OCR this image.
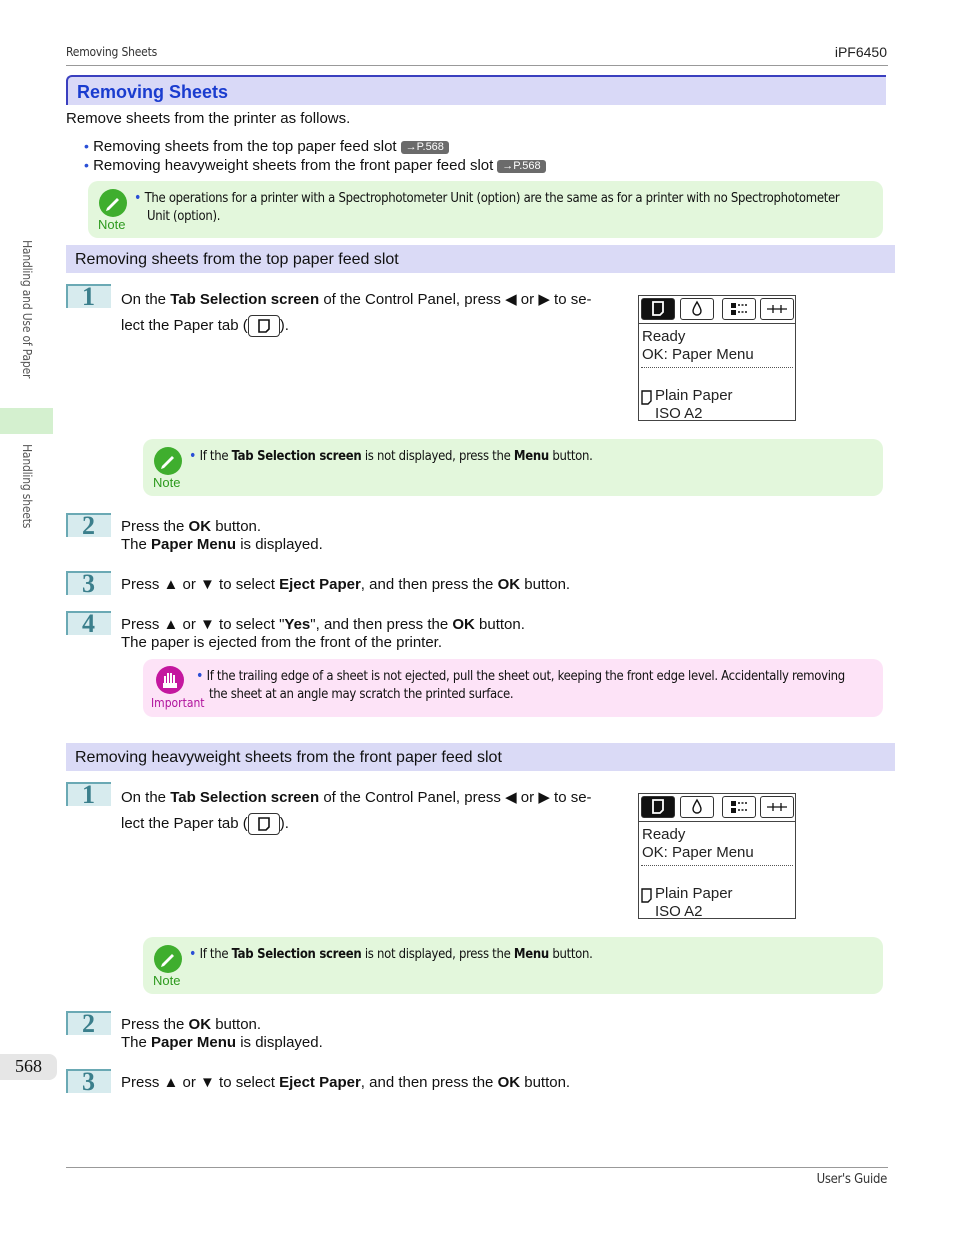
Removing Sheets	iPF6450
Handling and Use of Paper
Handling sheets
568
Removing Sheets
Remove sheets from the printer as follows.
• Removing sheets from the top paper feed slot →P.568
• Removing heavyweight sheets from the front paper feed slot →P.568
Note
• The operations for a printer with a Spectrophotometer Unit (option) are the same as for a printer with no Spectrophotometer
Unit (option).
Removing sheets from the top paper feed slot
1 On the Tab Selection screen of the Control Panel, press ◀ or ▶ to se-
lect the Paper tab ( ).
Ready
OK: Paper Menu
Plain Paper
ISO A2
Note
• If the Tab Selection screen is not displayed, press the Menu button.
2 Press the OK button.
The Paper Menu is displayed.
3 Press ▲ or ▼ to select Eject Paper, and then press the OK button.
4 Press ▲ or ▼ to select "Yes", and then press the OK button.
The paper is ejected from the front of the printer.
Important
• If the trailing edge of a sheet is not ejected, pull the sheet out, keeping the front edge level. Accidentally removing
the sheet at an angle may scratch the printed surface.
Removing heavyweight sheets from the front paper feed slot
1 On the Tab Selection screen of the Control Panel, press ◀ or ▶ to se-
lect the Paper tab ( ).
Ready
OK: Paper Menu
Plain Paper
ISO A2
Note
• If the Tab Selection screen is not displayed, press the Menu button.
2 Press the OK button.
The Paper Menu is displayed.
3 Press ▲ or ▼ to select Eject Paper, and then press the OK button.
User's Guide
